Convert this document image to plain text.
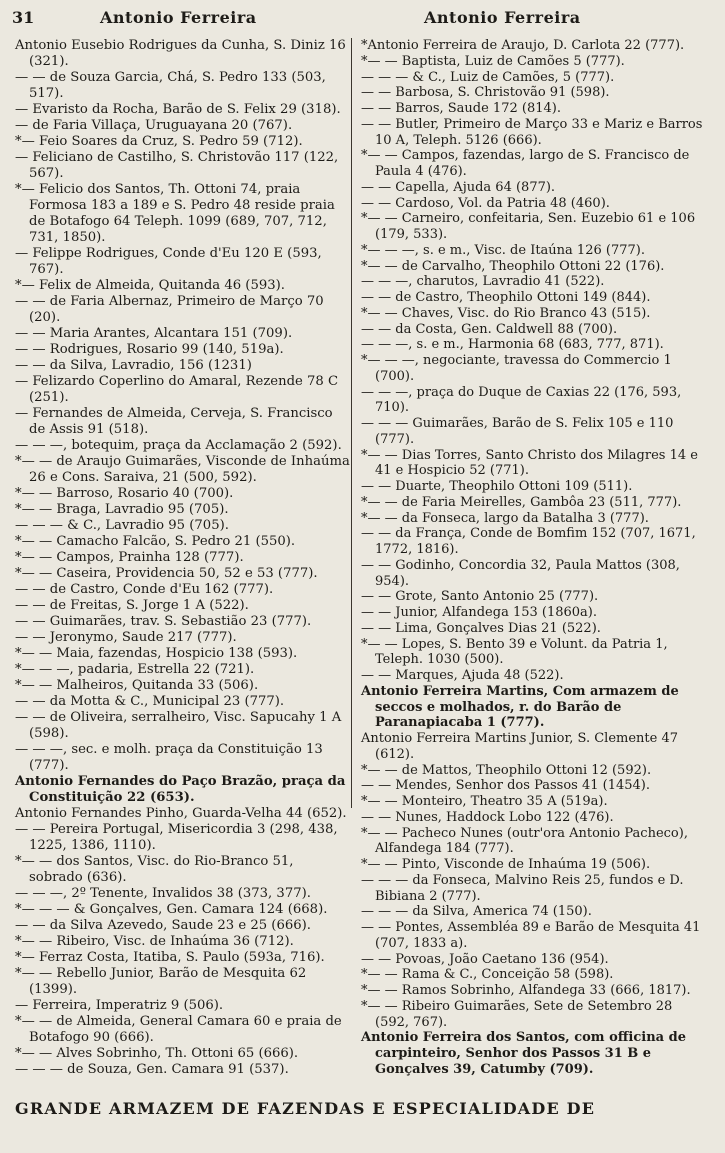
31	Antonio Ferreira	Antonio Ferreira

Antonio Eusebio Rodrigues da Cunha, S. Diniz 16 (321).

— — de Souza Garcia, Chá, S. Pedro 133 (503, 517).

— Evaristo da Rocha, Barão de S. Felix 29 (318).

— de Faria Villaça, Uruguayana 20 (767).

*— Feio Soares da Cruz, S. Pedro 59 (712).

— Feliciano de Castilho, S. Christovão 117 (122, 567).

*— Felicio dos Santos, Th. Ottoni 74, praia Formosa 183 a 189 e S. Pedro 48 reside praia de Botafogo 64 Teleph. 1099 (689, 707, 712, 731, 1850).

— Felippe Rodrigues, Conde d'Eu 120 E (593, 767).

*— Felix de Almeida, Quitanda 46 (593).

— — de Faria Albernaz, Primeiro de Março 70 (20).

— — Maria Arantes, Alcantara 151 (709).

— — Rodrigues, Rosario 99 (140, 519a).

— — da Silva, Lavradio, 156 (1231)

— Felizardo Coperlino do Amaral, Rezende 78 C (251).

— Fernandes de Almeida, Cerveja, S. Francisco de Assis 91 (518).

— — —, botequim, praça da Acclamação 2 (592).

*— — de Araujo Guimarães, Visconde de Inhaúma 26 e Cons. Saraiva, 21 (500, 592).

*— — Barroso, Rosario 40 (700).

*— — Braga, Lavradio 95 (705).

— — — & C., Lavradio 95 (705).

*— — Camacho Falcão, S. Pedro 21 (550).

*— — Campos, Prainha 128 (777).

*— — Caseira, Providencia 50, 52 e 53 (777).

— — de Castro, Conde d'Eu 162 (777).

— — de Freitas, S. Jorge 1 A (522).

— — Guimarães, trav. S. Sebastião 23 (777).

— — Jeronymo, Saude 217 (777).

*— — Maia, fazendas, Hospicio 138 (593).

*— — —, padaria, Estrella 22 (721).

*— — Malheiros, Quitanda 33 (506).

— — da Motta & C., Municipal 23 (777).

— — de Oliveira, serralheiro, Visc. Sapucahy 1 A (598).

— — —, sec. e molh. praça da Constituição 13 (777).

Antonio Fernandes do Paço Brazão, praça da Constituição 22 (653).

Antonio Fernandes Pinho, Guarda-Velha 44 (652).

— — Pereira Portugal, Misericordia 3 (298, 438, 1225, 1386, 1110).

*— — dos Santos, Visc. do Rio-Branco 51, sobrado (636).

— — —, 2º Tenente, Invalidos 38 (373, 377).

*— — — & Gonçalves, Gen. Camara 124 (668).

— — da Silva Azevedo, Saude 23 e 25 (666).

*— — Ribeiro, Visc. de Inhaúma 36 (712).

*— Ferraz Costa, Itatiba, S. Paulo (593a, 716).

*— — Rebello Junior, Barão de Mesquita 62 (1399).

— Ferreira, Imperatriz 9 (506).

*— — de Almeida, General Camara 60 e praia de Botafogo 90 (666).

*— — Alves Sobrinho, Th. Ottoni 65 (666).

— — — de Souza, Gen. Camara 91 (537).

*Antonio Ferreira de Araujo, D. Carlota 22 (777).

*— — Baptista, Luiz de Camões 5 (777).

— — — & C., Luiz de Camões, 5 (777).

— — Barbosa, S. Christovão 91 (598).

— — Barros, Saude 172 (814).

— — Butler, Primeiro de Março 33 e Mariz e Barros 10 A, Teleph. 5126 (666).

*— — Campos, fazendas, largo de S. Francisco de Paula 4 (476).

— — Capella, Ajuda 64 (877).

— — Cardoso, Vol. da Patria 48 (460).

*— — Carneiro, confeitaria, Sen. Euzebio 61 e 106 (179, 533).

*— — —, s. e m., Visc. de Itaúna 126 (777).

*— — de Carvalho, Theophilo Ottoni 22 (176).

— — —, charutos, Lavradio 41 (522).

— — de Castro, Theophilo Ottoni 149 (844).

*— — Chaves, Visc. do Rio Branco 43 (515).

— — da Costa, Gen. Caldwell 88 (700).

— — —, s. e m., Harmonia 68 (683, 777, 871).

*— — —, negociante, travessa do Commercio 1 (700).

— — —, praça do Duque de Caxias 22 (176, 593, 710).

— — — Guimarães, Barão de S. Felix 105 e 110 (777).

*— — Dias Torres, Santo Christo dos Milagres 14 e 41 e Hospicio 52 (771).

— — Duarte, Theophilo Ottoni 109 (511).

*— — de Faria Meirelles, Gambôa 23 (511, 777).

*— — da Fonseca, largo da Batalha 3 (777).

— — da França, Conde de Bomfim 152 (707, 1671, 1772, 1816).

— — Godinho, Concordia 32, Paula Mattos (308, 954).

— — Grote, Santo Antonio 25 (777).

— — Junior, Alfandega 153 (1860a).

— — Lima, Gonçalves Dias 21 (522).

*— — Lopes, S. Bento 39 e Volunt. da Patria 1, Teleph. 1030 (500).

— — Marques, Ajuda 48 (522).

Antonio Ferreira Martins, Com armazem de seccos e molhados, r. do Barão de Paranapiacaba 1 (777).

Antonio Ferreira Martins Junior, S. Clemente 47 (612).

*— — de Mattos, Theophilo Ottoni 12 (592).

— — Mendes, Senhor dos Passos 41 (1454).

*— — Monteiro, Theatro 35 A (519a).

— — Nunes, Haddock Lobo 122 (476).

*— — Pacheco Nunes (outr'ora Antonio Pacheco), Alfandega 184 (777).

*— — Pinto, Visconde de Inhaúma 19 (506).

— — — da Fonseca, Malvino Reis 25, fundos e D. Bibiana 2 (777).

— — — da Silva, America 74 (150).

— — Pontes, Assembléa 89 e Barão de Mesquita 41 (707, 1833 a).

— — Povoas, João Caetano 136 (954).

*— — Rama & C., Conceição 58 (598).

*— — Ramos Sobrinho, Alfandega 33 (666, 1817).

*— — Ribeiro Guimarães, Sete de Setembro 28 (592, 767).

Antonio Ferreira dos Santos, com officina de carpinteiro, Senhor dos Passos 31 B e Gonçalves 39, Catumby (709).

GRANDE ARMAZEM DE FAZENDAS E ESPECIALIDADE DE
